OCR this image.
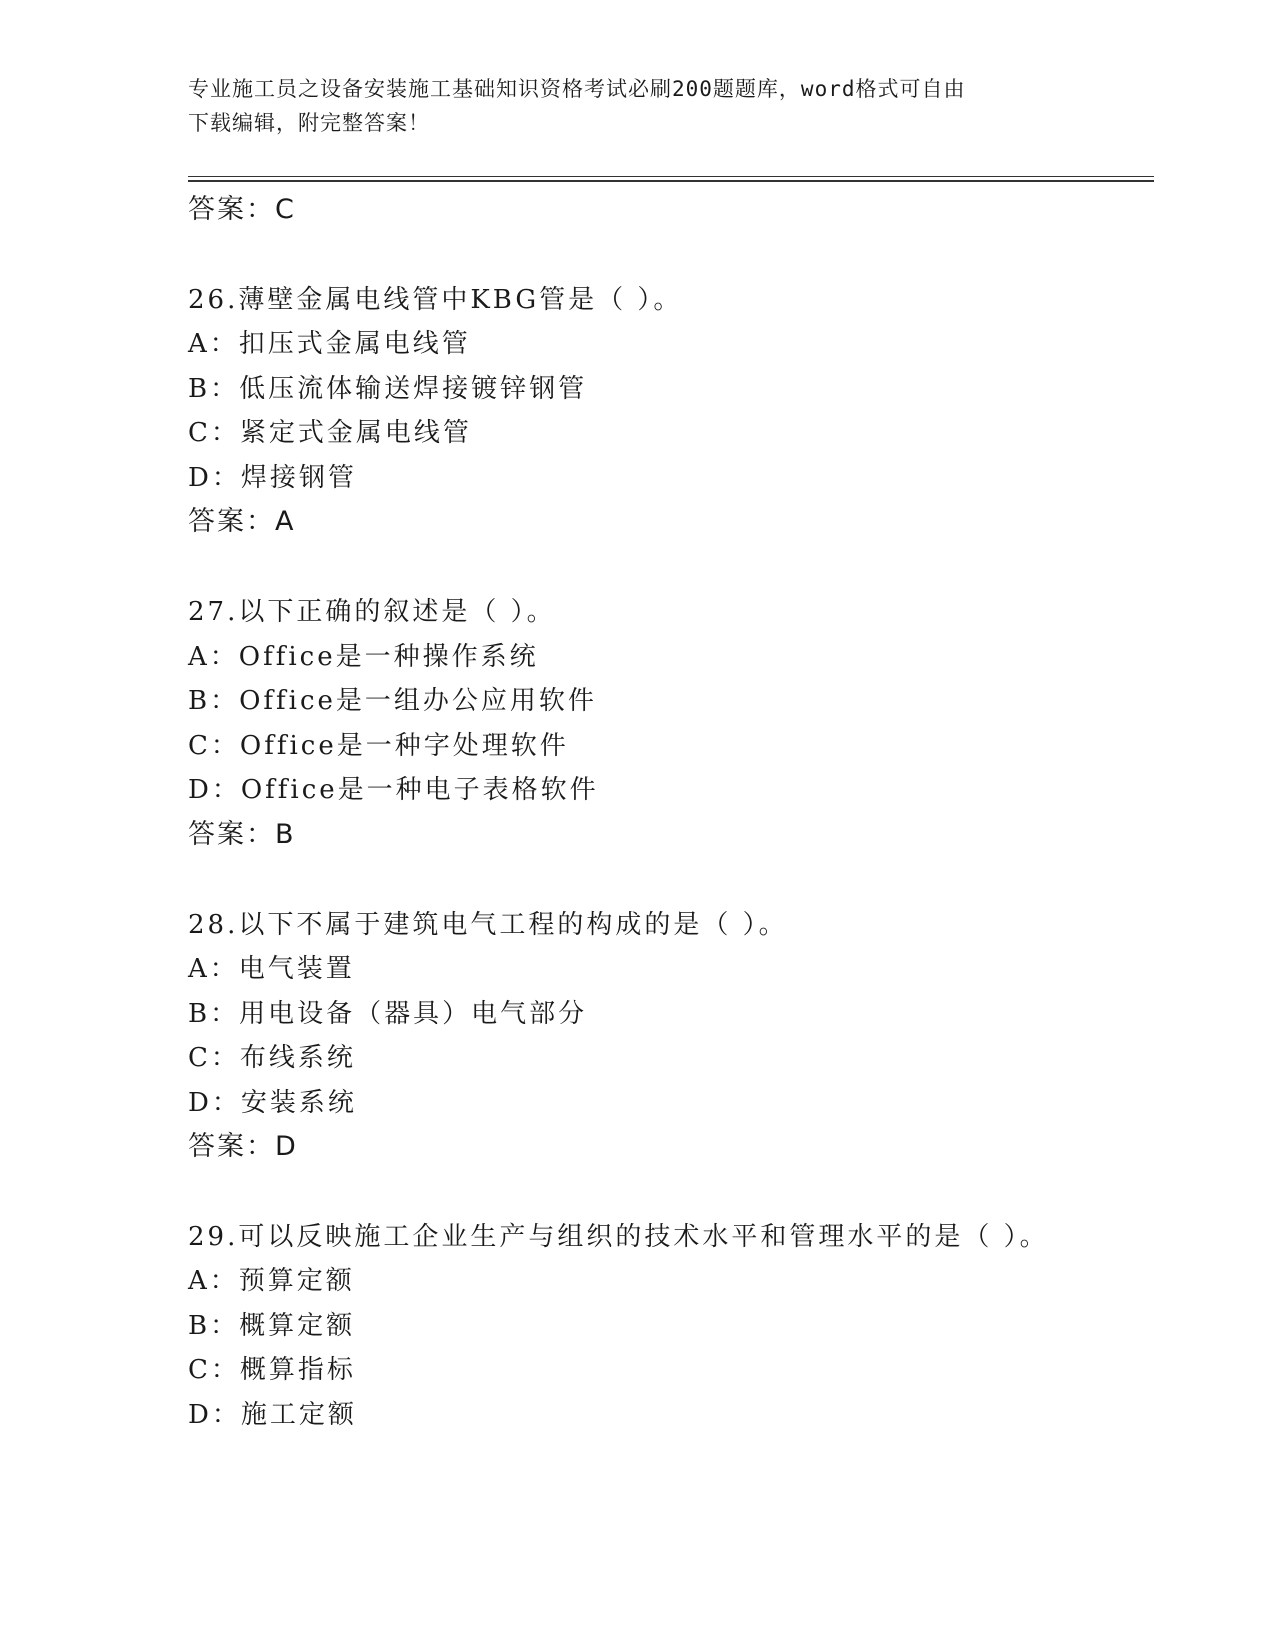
专业施工员之设备安装施工基础知识资格考试必刷200题题库，word格式可自由
下载编辑，附完整答案！
答案：C
26.薄壁金属电线管中KBG管是（ ）。
A：扣压式金属电线管
B：低压流体输送焊接镀锌钢管
C：紧定式金属电线管
D：焊接钢管
答案：A
27.以下正确的叙述是（ ）。
A：Office是一种操作系统
B：Office是一组办公应用软件
C：Office是一种字处理软件
D：Office是一种电子表格软件
答案：B
28.以下不属于建筑电气工程的构成的是（ ）。
A：电气装置
B：用电设备（器具）电气部分
C：布线系统
D：安装系统
答案：D
29.可以反映施工企业生产与组织的技术水平和管理水平的是（ ）。
A：预算定额
B：概算定额
C：概算指标
D：施工定额
